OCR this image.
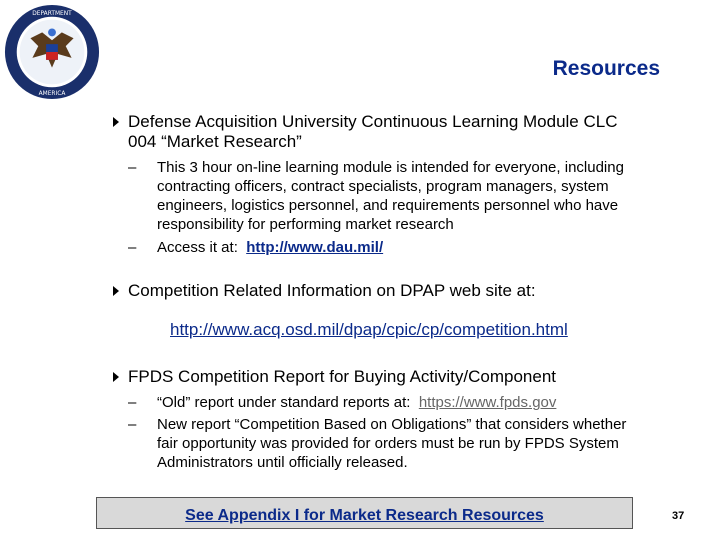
DEPARTMENT
AMERICA
Resources
Defense Acquisition University Continuous Learning Module CLC
004 “Market Research”
–	This 3 hour on-line learning module is intended for everyone, including
contracting officers, contract specialists, program managers, system
engineers, logistics personnel, and requirements personnel who have
responsibility for performing market research
–	Access it at: http://www.dau.mil/
Competition Related Information on DPAP web site at:
http://www.acq.osd.mil/dpap/cpic/cp/competition.html
FPDS Competition Report for Buying Activity/Component
–	“Old” report under standard reports at: https://www.fpds.gov
–	New report “Competition Based on Obligations” that considers whether
fair opportunity was provided for orders must be run by FPDS System
Administrators until officially released.
See Appendix I for Market Research Resources	37
